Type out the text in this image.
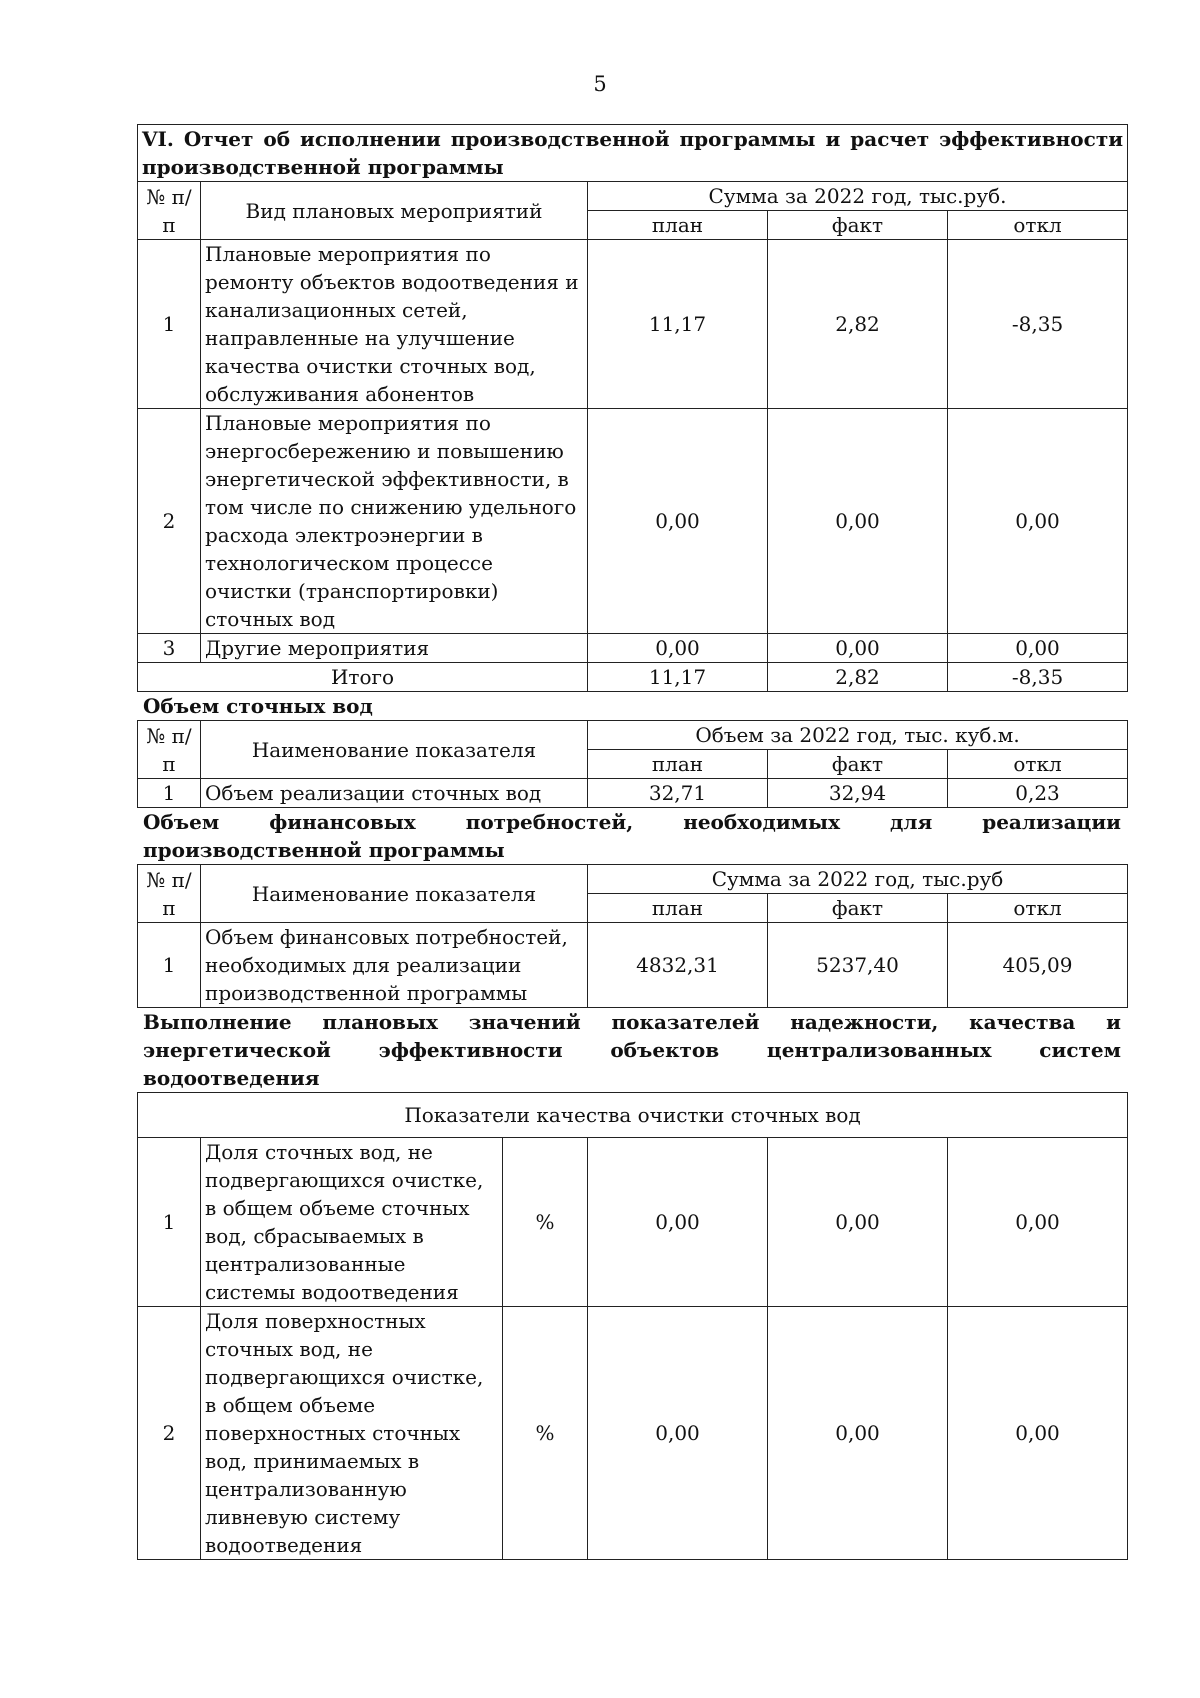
5
VI. Отчет об исполнении производственной программы и расчет эффективности производственной программы				
№ п/п	Вид плановых мероприятий	Сумма за 2022 год, тыс.руб.		
		план	факт	откл
1	Плановые мероприятия по ремонту объектов водоотведения и канализационных сетей, направленные на улучшение качества очистки сточных вод, обслуживания абонентов	11,17	2,82	-8,35
2	Плановые мероприятия по энергосбережению и повышению энергетической эффективности, в том числе по снижению удельного расхода электроэнергии в технологическом процессе очистки (транспортировки) сточных вод	0,00	0,00	0,00
3	Другие мероприятия	0,00	0,00	0,00
Итого		11,17	2,82	-8,35

Объем сточных вод

№ п/п	Наименование показателя	Объем за 2022 год, тыс. куб.м.		
		план	факт	откл
1	Объем реализации сточных вод	32,71	32,94	0,23

Объем финансовых потребностей, необходимых для реализации производственной программы

№ п/п	Наименование показателя	Сумма за 2022 год, тыс.руб		
		план	факт	откл
1	Объем финансовых потребностей, необходимых для реализации производственной программы	4832,31	5237,40	405,09

Выполнение плановых значений показателей надежности, качества и энергетической эффективности объектов централизованных систем водоотведения

Показатели качества очистки сточных вод					
1	Доля сточных вод, не подвергающихся очистке, в общем объеме сточных вод, сбрасываемых в централизованные системы водоотведения	%	0,00	0,00	0,00
2	Доля поверхностных сточных вод, не подвергающихся очистке, в общем объеме поверхностных сточных вод, принимаемых в централизованную ливневую систему водоотведения	%	0,00	0,00	0,00
